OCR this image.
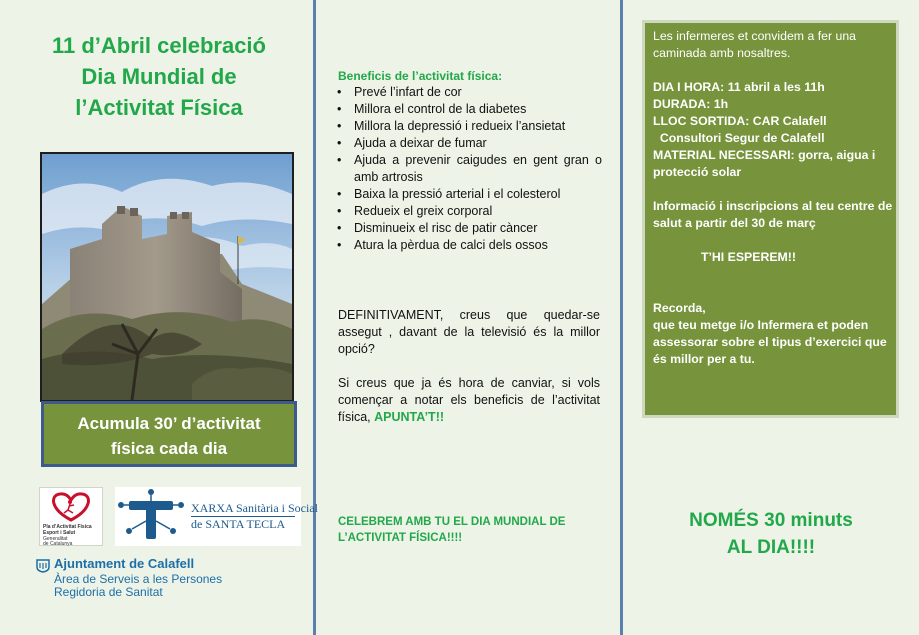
11 d’Abril celebració
Dia Mundial de
l’Activitat Física
Acumula 30’ d’activitat
física cada dia
Pla d’Activitat Física
Esport i Salut
Generalitat
de Catalunya
XARXA Sanitària i Social
de SANTA TECLA
Ajuntament de Calafell
Àrea de Serveis a les Persones
Regidoria de Sanitat
Beneficis de l’activitat física:
• Prevé l’infart de cor
• Millora el control de la diabetes
• Millora la depressió i redueix l’ansietat
• Ajuda a deixar de fumar
• Ajuda a prevenir caigudes en gent gran o amb artrosis
• Baixa la pressió arterial i el colesterol
• Redueix el greix corporal
• Disminueix el risc de patir càncer
• Atura la pèrdua de calci dels ossos
DEFINITIVAMENT, creus que quedar-se assegut , davant de la televisió és la millor opció?
Si creus que ja és hora de canviar, si vols començar a notar els beneficis de l’activitat física, APUNTA’T!!
CELEBREM AMB TU EL DIA MUNDIAL DE L’ACTIVITAT FÍSICA!!!!
Les infermeres et convidem a fer una
caminada amb nosaltres.
DIA I HORA: 11 abril a les 11h
DURADA: 1h
LLOC SORTIDA: CAR Calafell
Consultori Segur de Calafell
MATERIAL NECESSARI: gorra, aigua i
protecció solar
Informació i inscripcions al teu centre de
salut a partir del 30 de març
T’HI ESPEREM!!
Recorda,
que teu metge i/o Infermera et poden
assessorar sobre el tipus d’exercici que
és millor per a tu.
NOMÉS 30 minuts
AL DIA!!!!
